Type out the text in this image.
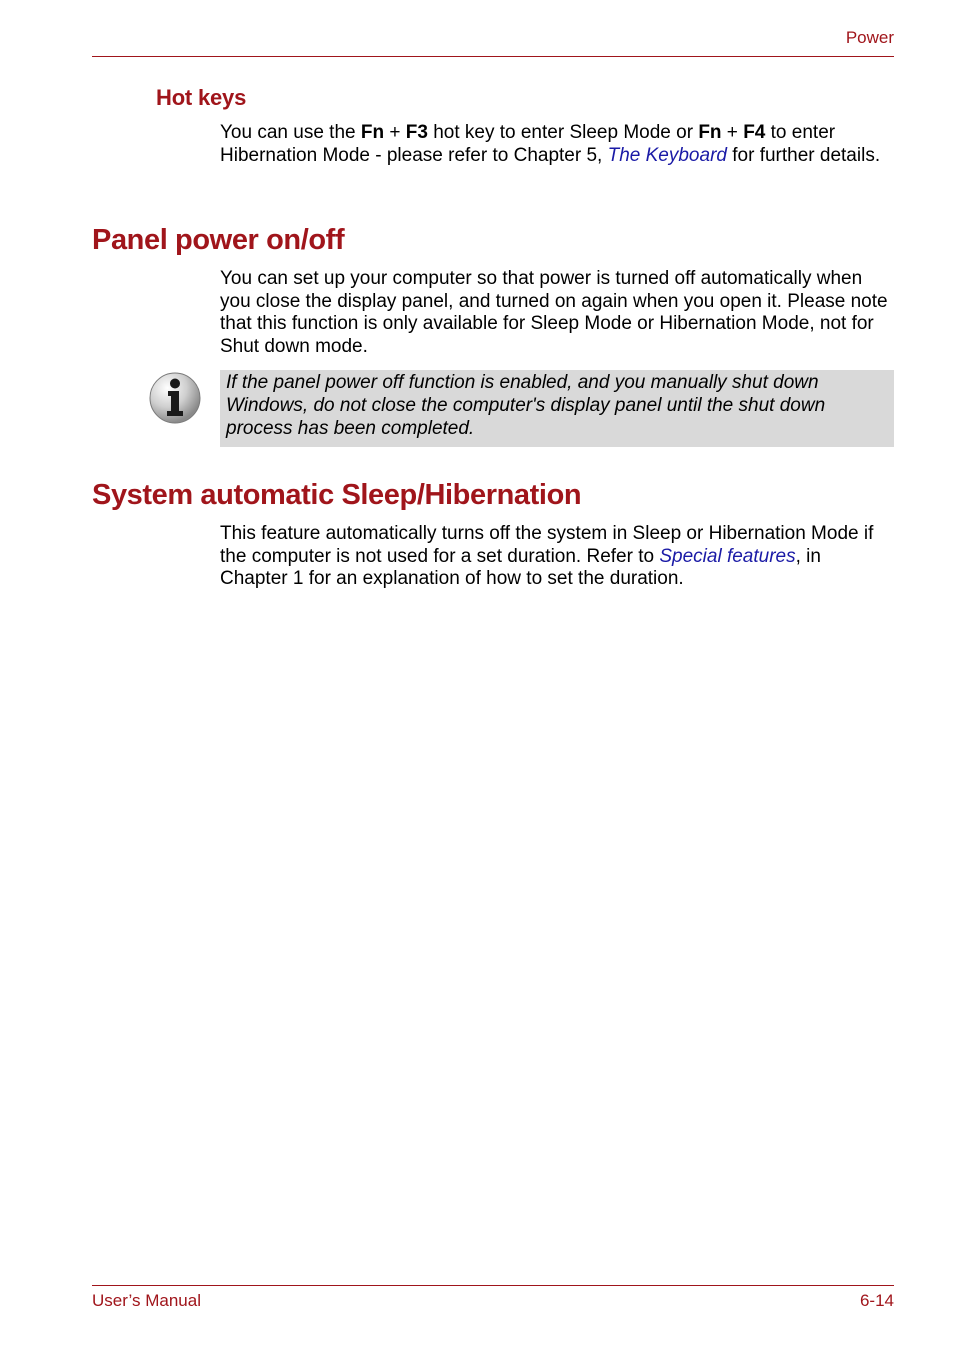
Power
Hot keys
You can use the Fn + F3 hot key to enter Sleep Mode or Fn + F4 to enter Hibernation Mode - please refer to Chapter 5, The Keyboard for further details.
Panel power on/off
You can set up your computer so that power is turned off automatically when you close the display panel, and turned on again when you open it. Please note that this function is only available for Sleep Mode or Hibernation Mode, not for Shut down mode.
If the panel power off function is enabled, and you manually shut down Windows, do not close the computer's display panel until the shut down process has been completed.
System automatic Sleep/Hibernation
This feature automatically turns off the system in Sleep or Hibernation Mode if the computer is not used for a set duration. Refer to Special features, in Chapter 1 for an explanation of how to set the duration.
User’s Manual	6-14
